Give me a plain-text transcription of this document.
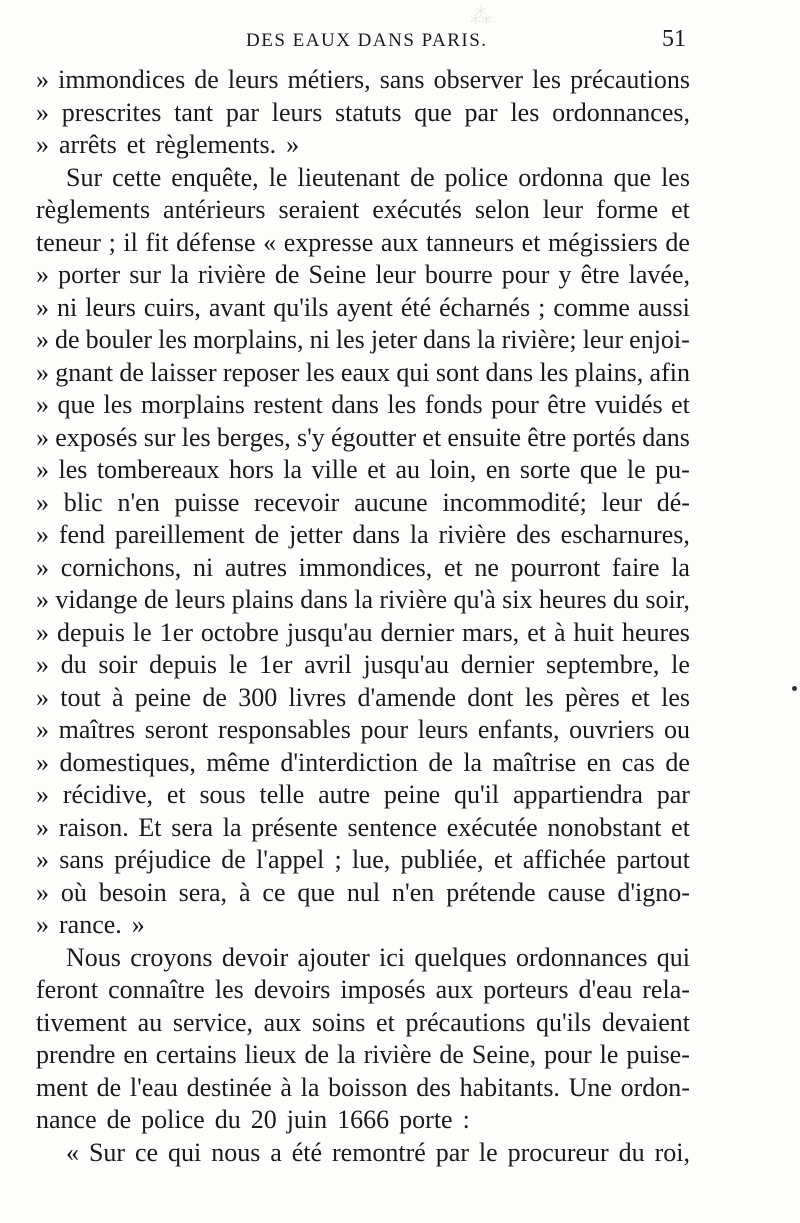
⁂
DES EAUX DANS PARIS.	51
» immondices de leurs métiers, sans observer les précautions
» prescrites tant par leurs statuts que par les ordonnances,
» arrêts et règlements. »
Sur cette enquête, le lieutenant de police ordonna que les
règlements antérieurs seraient exécutés selon leur forme et
teneur ; il fit défense « expresse aux tanneurs et mégissiers de
» porter sur la rivière de Seine leur bourre pour y être lavée,
» ni leurs cuirs, avant qu'ils ayent été écharnés ; comme aussi
» de bouler les morplains, ni les jeter dans la rivière; leur enjoi-
» gnant de laisser reposer les eaux qui sont dans les plains, afin
» que les morplains restent dans les fonds pour être vuidés et
» exposés sur les berges, s'y égoutter et ensuite être portés dans
» les tombereaux hors la ville et au loin, en sorte que le pu-
» blic n'en puisse recevoir aucune incommodité; leur dé-
» fend pareillement de jetter dans la rivière des escharnures,
» cornichons, ni autres immondices, et ne pourront faire la
» vidange de leurs plains dans la rivière qu'à six heures du soir,
» depuis le 1er octobre jusqu'au dernier mars, et à huit heures
» du soir depuis le 1er avril jusqu'au dernier septembre, le
» tout à peine de 300 livres d'amende dont les pères et les
» maîtres seront responsables pour leurs enfants, ouvriers ou
» domestiques, même d'interdiction de la maîtrise en cas de
» récidive, et sous telle autre peine qu'il appartiendra par
» raison. Et sera la présente sentence exécutée nonobstant et
» sans préjudice de l'appel ; lue, publiée, et affichée partout
» où besoin sera, à ce que nul n'en prétende cause d'igno-
» rance. »
Nous croyons devoir ajouter ici quelques ordonnances qui
feront connaître les devoirs imposés aux porteurs d'eau rela-
tivement au service, aux soins et précautions qu'ils devaient
prendre en certains lieux de la rivière de Seine, pour le puise-
ment de l'eau destinée à la boisson des habitants. Une ordon-
nance de police du 20 juin 1666 porte :
« Sur ce qui nous a été remontré par le procureur du roi,
